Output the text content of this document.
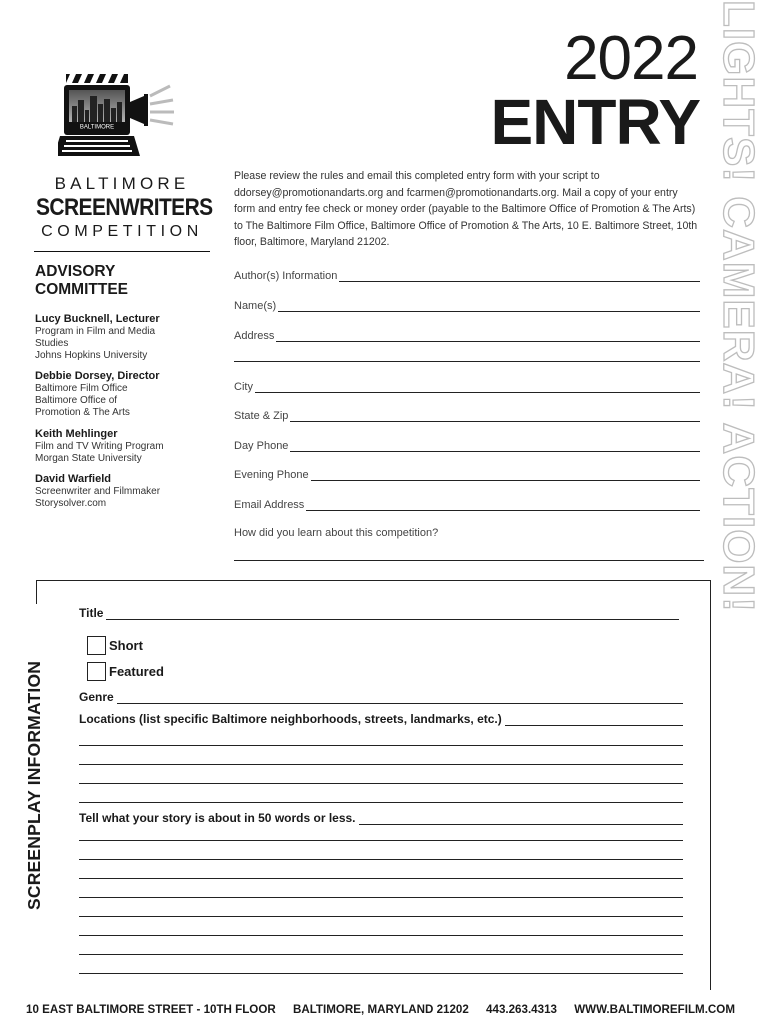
BALTIMORE
BALTIMORE
SCREENWRITERS
COMPETITION
2022
ENTRY LIGHTS! CAMERA! ACTION!

Please review the rules and email this completed entry form with your script to ddorsey@promotionandarts.org and fcarmen@promotionandarts.org. Mail a copy of your entry form and entry fee check or money order (payable to the Baltimore Office of Promotion & The Arts) to The Baltimore Film Office, Baltimore Office of Promotion & The Arts, 10 E. Baltimore Street, 10th floor, Baltimore, Maryland 21202.

ADVISORY
COMMITTEE
Lucy Bucknell, Lecturer
Program in Film and Media
Studies
Johns Hopkins University
Debbie Dorsey, Director
Baltimore Film Office
Baltimore Office of
Promotion & The Arts
Keith Mehlinger
Film and TV Writing Program
Morgan State University
David Warfield
Screenwriter and Filmmaker
Storysolver.com
Author(s) Information
Name(s)
Address
City
State & Zip
Day Phone
Evening Phone
Email Address
How did you learn about this competition?
SCREENPLAY INFORMATION
Title
Short
Featured
Genre
Locations (list specific Baltimore neighborhoods, streets, landmarks, etc.)
Tell what your story is about in 50 words or less.
10 EAST BALTIMORE STREET - 10TH FLOOR BALTIMORE, MARYLAND 21202 443.263.4313 WWW.BALTIMOREFILM.COM
